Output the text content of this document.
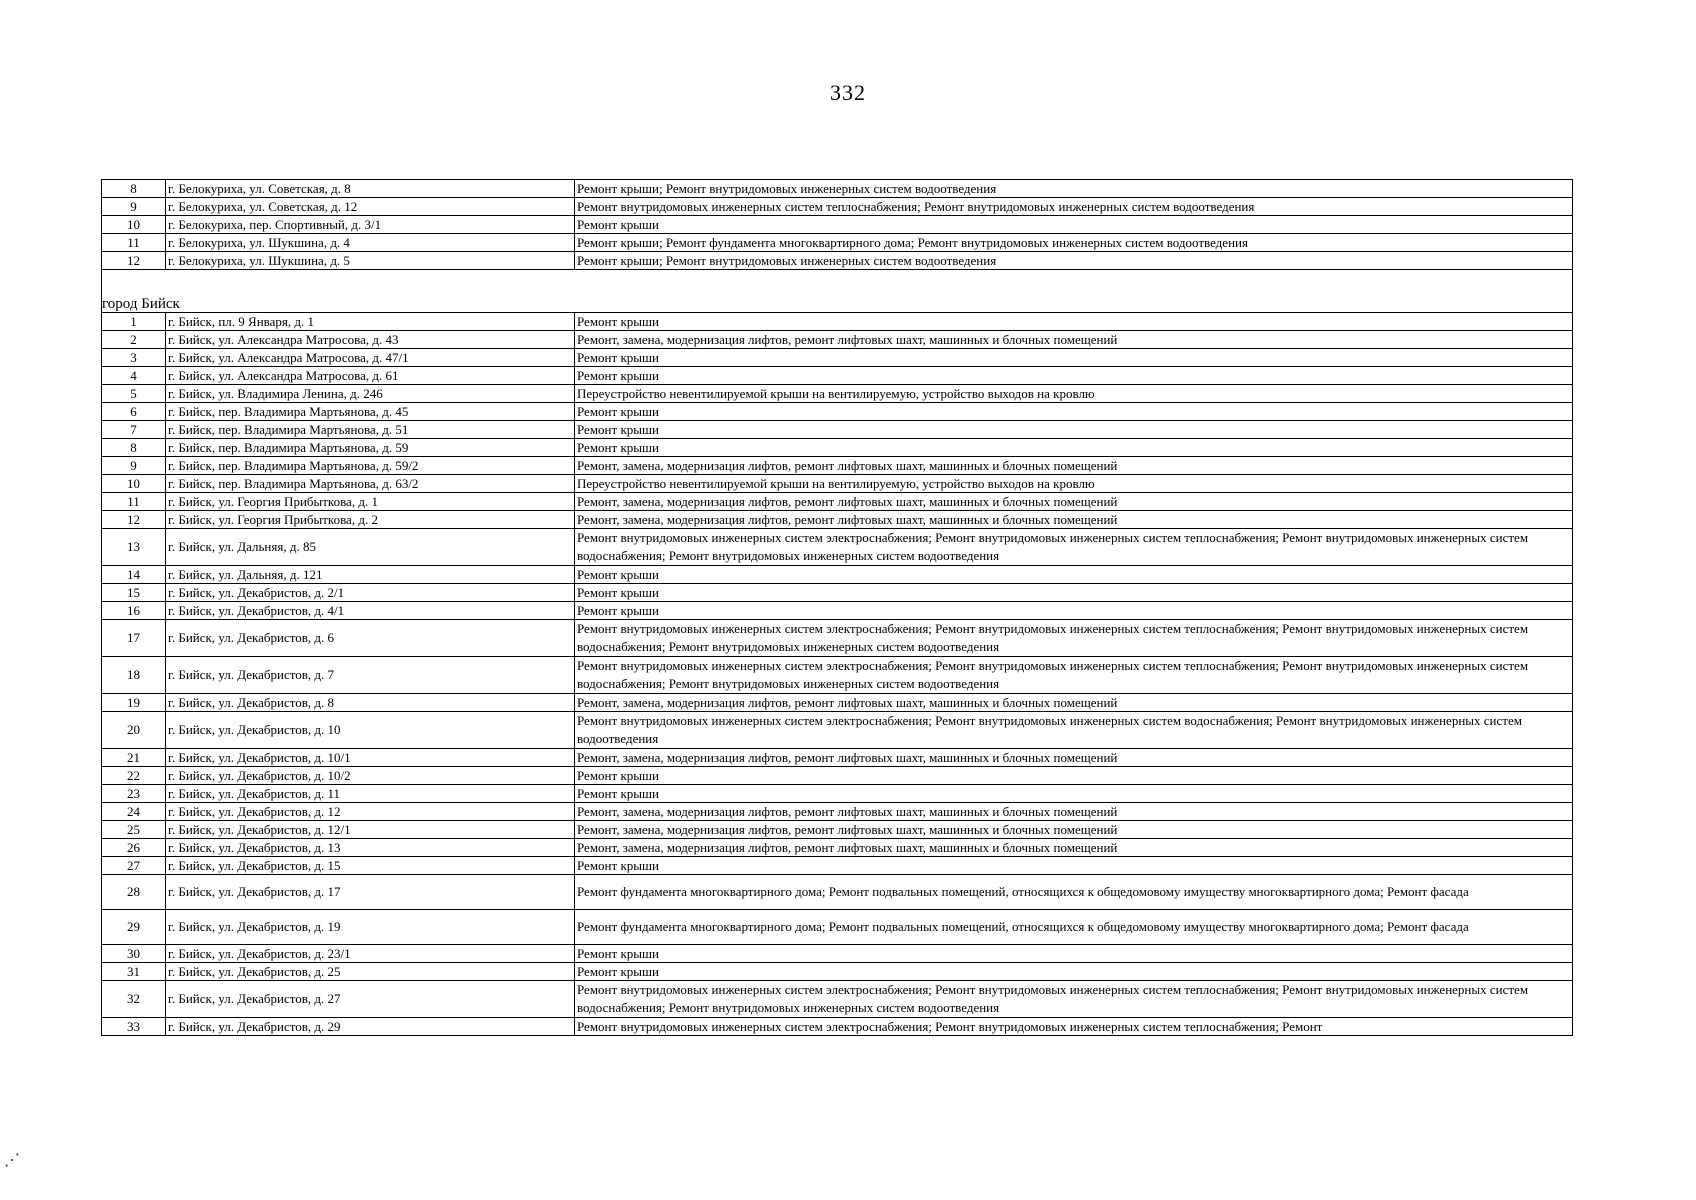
332
8	г. Белокуриха, ул. Советская, д. 8	Ремонт крыши; Ремонт внутридомовых инженерных систем водоотведения
9	г. Белокуриха, ул. Советская, д. 12	Ремонт внутридомовых инженерных систем теплоснабжения; Ремонт внутридомовых инженерных систем водоотведения
10	г. Белокуриха, пер. Спортивный, д. 3/1	Ремонт крыши
11	г. Белокуриха, ул. Шукшина, д. 4	Ремонт крыши; Ремонт фундамента многоквартирного дома; Ремонт внутридомовых инженерных систем водоотведения
12	г. Белокуриха, ул. Шукшина, д. 5	Ремонт крыши; Ремонт внутридомовых инженерных систем водоотведения

город Бийск		
1	г. Бийск, пл. 9 Января, д. 1	Ремонт крыши
2	г. Бийск, ул. Александра Матросова, д. 43	Ремонт, замена, модернизация лифтов, ремонт лифтовых шахт, машинных и блочных помещений
3	г. Бийск, ул. Александра Матросова, д. 47/1	Ремонт крыши
4	г. Бийск, ул. Александра Матросова, д. 61	Ремонт крыши
5	г. Бийск, ул. Владимира Ленина, д. 246	Переустройство невентилируемой крыши на вентилируемую, устройство выходов на кровлю
6	г. Бийск, пер. Владимира Мартьянова, д. 45	Ремонт крыши
7	г. Бийск, пер. Владимира Мартьянова, д. 51	Ремонт крыши
8	г. Бийск, пер. Владимира Мартьянова, д. 59	Ремонт крыши
9	г. Бийск, пер. Владимира Мартьянова, д. 59/2	Ремонт, замена, модернизация лифтов, ремонт лифтовых шахт, машинных и блочных помещений
10	г. Бийск, пер. Владимира Мартьянова, д. 63/2	Переустройство невентилируемой крыши на вентилируемую, устройство выходов на кровлю
11	г. Бийск, ул. Георгия Прибыткова, д. 1	Ремонт, замена, модернизация лифтов, ремонт лифтовых шахт, машинных и блочных помещений
12	г. Бийск, ул. Георгия Прибыткова, д. 2	Ремонт, замена, модернизация лифтов, ремонт лифтовых шахт, машинных и блочных помещений
13	г. Бийск, ул. Дальняя, д. 85	Ремонт внутридомовых инженерных систем электроснабжения; Ремонт внутридомовых инженерных систем теплоснабжения; Ремонт внутридомовых инженерных систем водоснабжения; Ремонт внутридомовых инженерных систем водоотведения
14	г. Бийск, ул. Дальняя, д. 121	Ремонт крыши
15	г. Бийск, ул. Декабристов, д. 2/1	Ремонт крыши
16	г. Бийск, ул. Декабристов, д. 4/1	Ремонт крыши
17	г. Бийск, ул. Декабристов, д. 6	Ремонт внутридомовых инженерных систем электроснабжения; Ремонт внутридомовых инженерных систем теплоснабжения; Ремонт внутридомовых инженерных систем водоснабжения; Ремонт внутридомовых инженерных систем водоотведения
18	г. Бийск, ул. Декабристов, д. 7	Ремонт внутридомовых инженерных систем электроснабжения; Ремонт внутридомовых инженерных систем теплоснабжения; Ремонт внутридомовых инженерных систем водоснабжения; Ремонт внутридомовых инженерных систем водоотведения
19	г. Бийск, ул. Декабристов, д. 8	Ремонт, замена, модернизация лифтов, ремонт лифтовых шахт, машинных и блочных помещений
20	г. Бийск, ул. Декабристов, д. 10	Ремонт внутридомовых инженерных систем электроснабжения; Ремонт внутридомовых инженерных систем водоснабжения; Ремонт внутридомовых инженерных систем водоотведения
21	г. Бийск, ул. Декабристов, д. 10/1	Ремонт, замена, модернизация лифтов, ремонт лифтовых шахт, машинных и блочных помещений
22	г. Бийск, ул. Декабристов, д. 10/2	Ремонт крыши
23	г. Бийск, ул. Декабристов, д. 11	Ремонт крыши
24	г. Бийск, ул. Декабристов, д. 12	Ремонт, замена, модернизация лифтов, ремонт лифтовых шахт, машинных и блочных помещений
25	г. Бийск, ул. Декабристов, д. 12/1	Ремонт, замена, модернизация лифтов, ремонт лифтовых шахт, машинных и блочных помещений
26	г. Бийск, ул. Декабристов, д. 13	Ремонт, замена, модернизация лифтов, ремонт лифтовых шахт, машинных и блочных помещений
27	г. Бийск, ул. Декабристов, д. 15	Ремонт крыши
28	г. Бийск, ул. Декабристов, д. 17	Ремонт фундамента многоквартирного дома; Ремонт подвальных помещений, относящихся к общедомовому имуществу многоквартирного дома; Ремонт фасада
29	г. Бийск, ул. Декабристов, д. 19	Ремонт фундамента многоквартирного дома; Ремонт подвальных помещений, относящихся к общедомовому имуществу многоквартирного дома; Ремонт фасада
30	г. Бийск, ул. Декабристов, д. 23/1	Ремонт крыши
31	г. Бийск, ул. Декабристов, д. 25	Ремонт крыши
32	г. Бийск, ул. Декабристов, д. 27	Ремонт внутридомовых инженерных систем электроснабжения; Ремонт внутридомовых инженерных систем теплоснабжения; Ремонт внутридомовых инженерных систем водоснабжения; Ремонт внутридомовых инженерных систем водоотведения
33	г. Бийск, ул. Декабристов, д. 29	Ремонт внутридомовых инженерных систем электроснабжения; Ремонт внутридомовых инженерных систем теплоснабжения; Ремонт
⋰
